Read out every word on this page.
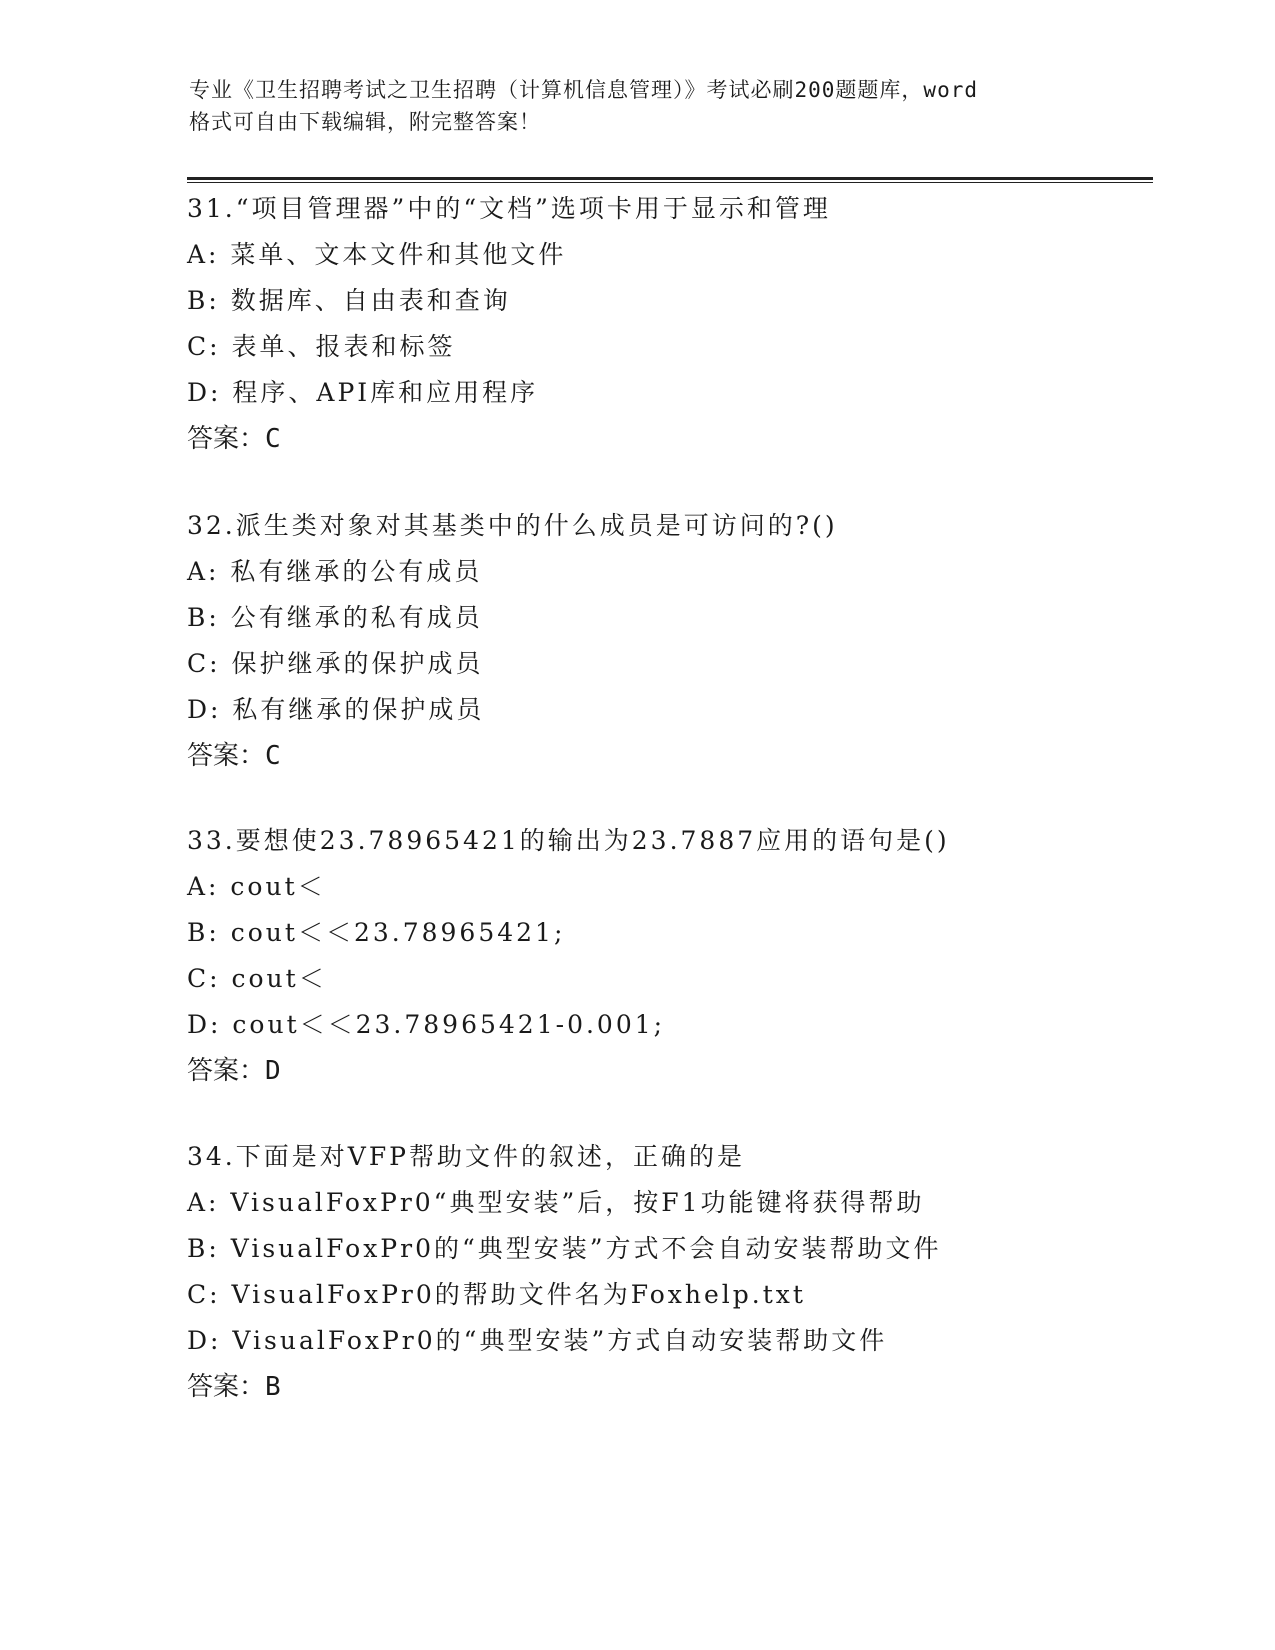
专业《卫生招聘考试之卫生招聘（计算机信息管理）》考试必刷200题题库，word
格式可自由下载编辑，附完整答案！
31.“项目管理器”中的“文档”选项卡用于显示和管理
A: 菜单、文本文件和其他文件
B: 数据库、自由表和查询
C: 表单、报表和标签
D: 程序、API库和应用程序
答案：C
32.派生类对象对其基类中的什么成员是可访问的?()
A: 私有继承的公有成员
B: 公有继承的私有成员
C: 保护继承的保护成员
D: 私有继承的保护成员
答案：C
33.要想使23.78965421的输出为23.7887应用的语句是()
A: cout＜
B: cout＜＜23.78965421;
C: cout＜
D: cout＜＜23.78965421-0.001;
答案：D
34.下面是对VFP帮助文件的叙述，正确的是
A: VisualFoxPr0“典型安装”后，按F1功能键将获得帮助
B: VisualFoxPr0的“典型安装”方式不会自动安装帮助文件
C: VisualFoxPr0的帮助文件名为Foxhelp.txt
D: VisualFoxPr0的“典型安装”方式自动安装帮助文件
答案：B
